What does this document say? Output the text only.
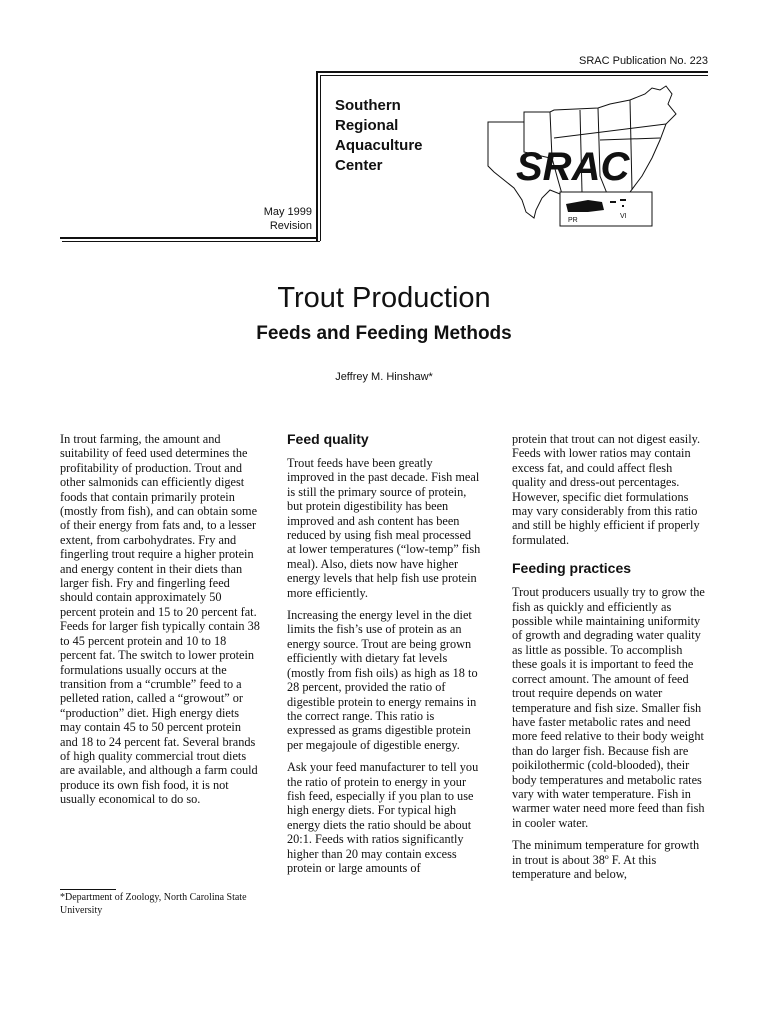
SRAC Publication No. 223
Southern
Regional
Aquaculture
Center
May 1999
Revision
SRAC
PR
VI
Trout Production
Feeds and Feeding Methods
Jeffrey M. Hinshaw*

In trout farming, the amount and suitability of feed used determines the profitability of production. Trout and other salmonids can efficiently digest foods that contain primarily protein (mostly from fish), and can obtain some of their energy from fats and, to a lesser extent, from carbohydrates. Fry and fingerling trout require a higher protein and energy content in their diets than larger fish. Fry and fingerling feed should contain approximately 50 percent protein and 15 to 20 percent fat. Feeds for larger fish typically contain 38 to 45 percent protein and 10 to 18 percent fat. The switch to lower protein formulations usually occurs at the transition from a “crumble” feed to a pelleted ration, called a “growout” or “production” diet. High energy diets may contain 45 to 50 percent protein and 18 to 24 percent fat. Several brands of high quality commercial trout diets are available, and although a farm could produce its own fish food, it is not usually economical to do so.

Feed quality

Trout feeds have been greatly improved in the past decade. Fish meal is still the primary source of protein, but protein digestibility has been improved and ash content has been reduced by using fish meal processed at lower temperatures (“low-temp” fish meal). Also, diets now have higher energy levels that help fish use protein more efficiently.

Increasing the energy level in the diet limits the fish’s use of protein as an energy source. Trout are being grown efficiently with dietary fat levels (mostly from fish oils) as high as 18 to 28 percent, provided the ratio of digestible protein to energy remains in the correct range. This ratio is expressed as grams digestible protein per megajoule of digestible energy.

Ask your feed manufacturer to tell you the ratio of protein to energy in your fish feed, especially if you plan to use high energy diets. For typical high energy diets the ratio should be about 20:1. Feeds with ratios significantly higher than 20 may contain excess protein or large amounts of

protein that trout can not digest easily. Feeds with lower ratios may contain excess fat, and could affect flesh quality and dress-out percentages. However, specific diet formulations may vary considerably from this ratio and still be highly efficient if properly formulated.

Feeding practices

Trout producers usually try to grow the fish as quickly and efficiently as possible while maintaining uniformity of growth and degrading water quality as little as possible. To accomplish these goals it is important to feed the correct amount. The amount of feed trout require depends on water temperature and fish size. Smaller fish have faster metabolic rates and need more feed relative to their body weight than do larger fish. Because fish are poikilothermic (cold-blooded), their body temperatures and metabolic rates vary with water temperature. Fish in warmer water need more feed than fish in cooler water.

The minimum temperature for growth in trout is about 38º F. At this temperature and below,

*Department of Zoology, North Carolina State University
